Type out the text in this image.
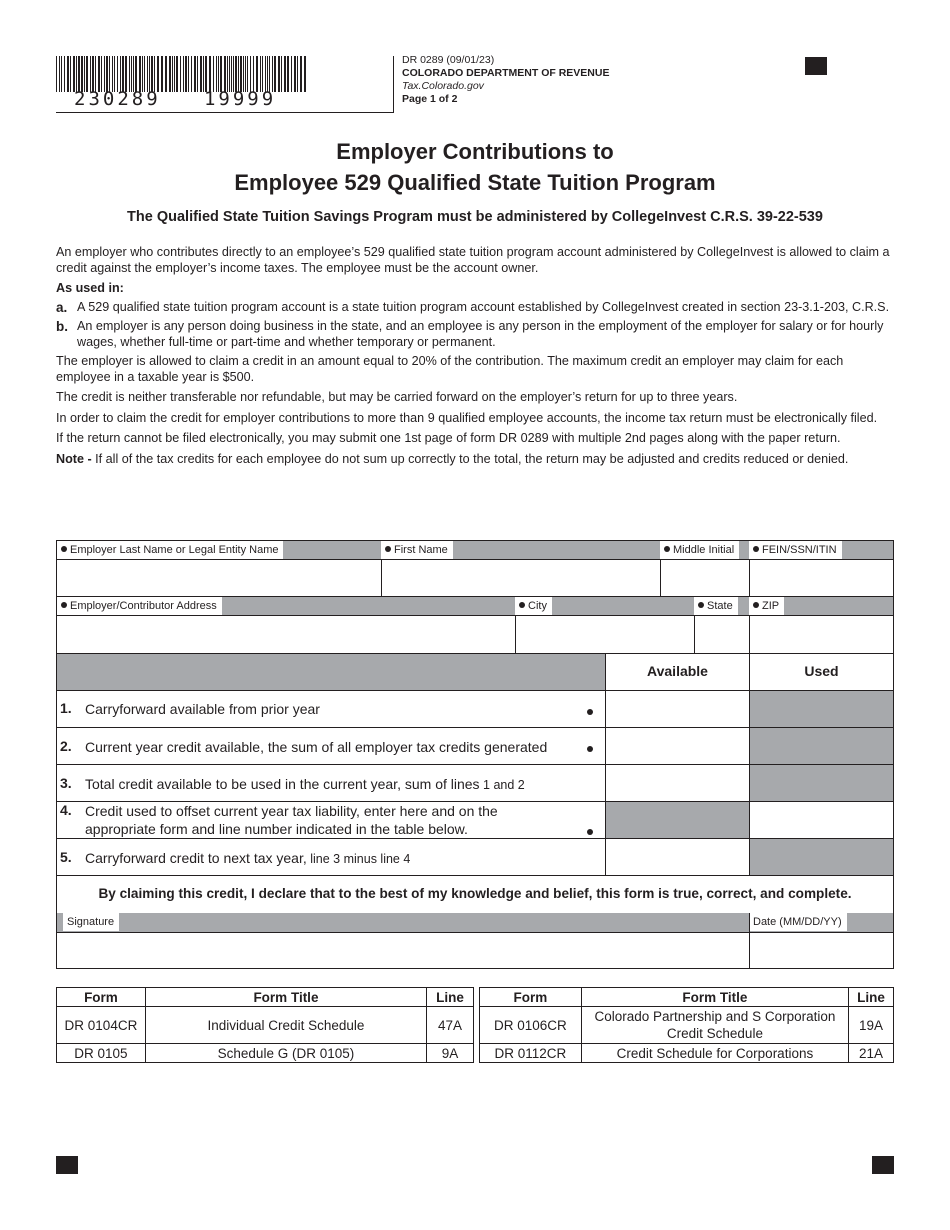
230289   19999
DR 0289 (09/01/23)
COLORADO DEPARTMENT OF REVENUE
Tax.Colorado.gov
Page 1 of 2
Employer Contributions to
Employee 529 Qualified State Tuition Program
The Qualified State Tuition Savings Program must be administered by CollegeInvest C.R.S. 39-22-539

An employer who contributes directly to an employee’s 529 qualified state tuition program account administered by CollegeInvest is allowed to claim a credit against the employer’s income taxes. The employee must be the account owner.

As used in:

a. A 529 qualified state tuition program account is a state tuition program account established by CollegeInvest created in section 23-3.1-203, C.R.S.
b. An employer is any person doing business in the state, and an employee is any person in the employment of the employer for salary or for hourly wages, whether full-time or part-time and whether temporary or permanent.

The employer is allowed to claim a credit in an amount equal to 20% of the contribution. The maximum credit an employer may claim for each employee in a taxable year is $500.

The credit is neither transferable nor refundable, but may be carried forward on the employer’s return for up to three years.

In order to claim the credit for employer contributions to more than 9 qualified employee accounts, the income tax return must be electronically filed.

If the return cannot be filed electronically, you may submit one 1st page of form DR 0289 with multiple 2nd pages along with the paper return.

Note - If all of the tax credits for each employee do not sum up correctly to the total, the return may be adjusted and credits reduced or denied.

Employer Last Name or Legal Entity Name	First Name	Middle Initial	FEIN/SSN/ITIN
Employer/Contributor Address	City	State	ZIP
Available	Used
1. Carryforward available from prior year
2. Current year credit available, the sum of all employer tax credits generated
3. Total credit available to be used in the current year, sum of lines 1 and 2
4. Credit used to offset current year tax liability, enter here and on the
appropriate form and line number indicated in the table below.
5. Carryforward credit to next tax year, line 3 minus line 4
By claiming this credit, I declare that to the best of my knowledge and belief, this form is true, correct, and complete.
Signature	Date (MM/DD/YY)
Form	Form Title	Line
DR 0104CR	Individual Credit Schedule	47A
DR 0105	Schedule G (DR 0105)	9A
Form	Form Title	Line
DR 0106CR	Colorado Partnership and S Corporation Credit Schedule	19A
DR 0112CR	Credit Schedule for Corporations	21A
